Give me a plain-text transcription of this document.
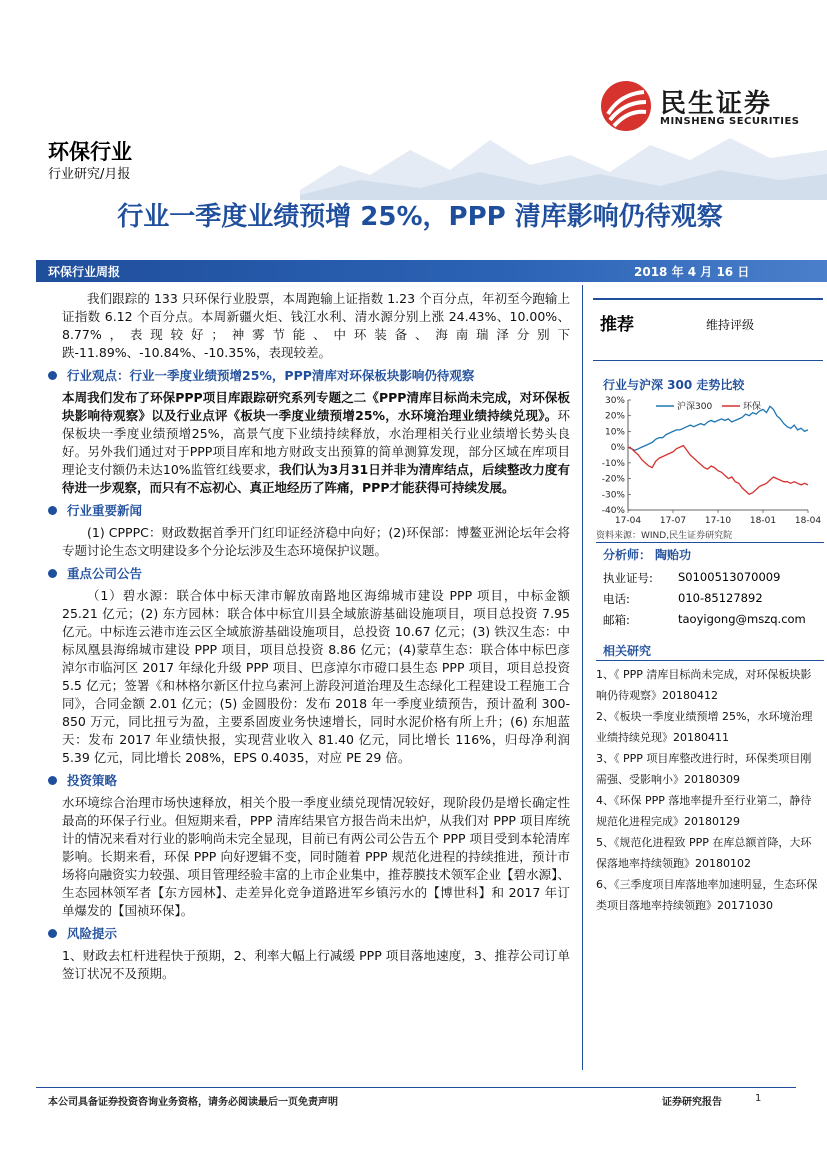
民生证券
MINSHENG SECURITIES
环保行业
行业研究/月报
行业一季度业绩预增 25%，PPP 清库影响仍待观察
环保行业周报	2018 年 4 月 16 日

我们跟踪的 133 只环保行业股票，本周跑输上证指数 1.23 个百分点，年初至今跑输上证指数 6.12 个百分点。本周新疆火炬、钱江水利、清水源分别上涨 24.43%、10.00%、8.77%，表现较好；神雾节能、中环装备、海南瑞泽分别下跌-11.89%、-10.84%、-10.35%，表现较差。

行业观点：行业一季度业绩预增25%，PPP清库对环保板块影响仍待观察

本周我们发布了环保PPP项目库跟踪研究系列专题之二《PPP清库目标尚未完成，对环保板块影响待观察》以及行业点评《板块一季度业绩预增25%，水环境治理业绩持续兑现》。环保板块一季度业绩预增25%，高景气度下业绩持续释放，水治理相关行业业绩增长势头良好。另外我们通过对于PPP项目库和地方财政支出预算的简单测算发现，部分区域在库项目理论支付额仍未达10%监管红线要求，我们认为3月31日并非为清库结点，后续整改力度有待进一步观察，而只有不忘初心、真正地经历了阵痛，PPP才能获得可持续发展。

行业重要新闻

(1) CPPPC：财政数据首季开门红印证经济稳中向好；(2)环保部：博鳌亚洲论坛年会将专题讨论生态文明建设多个分论坛涉及生态环境保护议题。

重点公司公告

（1）碧水源：联合体中标天津市解放南路地区海绵城市建设 PPP 项目，中标金额 25.21 亿元；(2) 东方园林：联合体中标宜川县全域旅游基础设施项目，项目总投资 7.95 亿元。中标连云港市连云区全域旅游基础设施项目，总投资 10.67 亿元；(3) 铁汉生态：中标凤凰县海绵城市建设 PPP 项目，项目总投资 8.86 亿元；(4)蒙草生态：联合体中标巴彦淖尔市临河区 2017 年绿化升级 PPP 项目、巴彦淖尔市磴口县生态 PPP 项目，项目总投资 5.5 亿元；签署《和林格尔新区什拉乌素河上游段河道治理及生态绿化工程建设工程施工合同》，合同金额 2.01 亿元；(5) 金圆股份：发布 2018 年一季度业绩预告，预计盈利 300-850 万元，同比扭亏为盈，主要系固废业务快速增长，同时水泥价格有所上升；(6) 东旭蓝天：发布 2017 年业绩快报，实现营业收入 81.40 亿元，同比增长 116%，归母净利润 5.39 亿元，同比增长 208%，EPS 0.4035，对应 PE 29 倍。

投资策略

水环境综合治理市场快速释放，相关个股一季度业绩兑现情况较好，现阶段仍是增长确定性最高的环保子行业。但短期来看，PPP 清库结果官方报告尚未出炉，从我们对 PPP 项目库统计的情况来看对行业的影响尚未完全显现，目前已有两公司公告五个 PPP 项目受到本轮清库影响。长期来看，环保 PPP 向好逻辑不变，同时随着 PPP 规范化进程的持续推进，预计市场将向融资实力较强、项目管理经验丰富的上市企业集中，推荐膜技术领军企业【碧水源】、生态园林领军者【东方园林】、走差异化竞争道路进军乡镇污水的【博世科】和 2017 年订单爆发的【国祯环保】。

风险提示

1、财政去杠杆进程快于预期，2、利率大幅上行减缓 PPP 项目落地速度，3、推荐公司订单签订状况不及预期。

推荐	维持评级
行业与沪深 300 走势比较
30%
20%
10%
0%
-10%
-20%
-30%
-40%
17-04 17-07 17-10 18-01 18-04
沪深300	环保
资料来源：WIND,民生证券研究院
分析师： 陶贻功
执业证号: S0100513070009
电话:	010-85127892
邮箱:	taoyigong@mszq.com
相关研究
1、《 PPP 清库目标尚未完成，对环保板块影响仍待观察》20180412
2、《板块一季度业绩预增 25%，水环境治理业绩持续兑现》20180411
3、《 PPP 项目库整改进行时，环保类项目刚需强、受影响小》20180309
4、《环保 PPP 落地率提升至行业第二，静待规范化进程完成》20180129
5、《规范化进程致 PPP 在库总额首降，大环保落地率持续领跑》20180102
6、《三季度项目库落地率加速明显，生态环保类项目落地率持续领跑》20171030
本公司具备证券投资咨询业务资格，请务必阅读最后一页免责声明	证券研究报告	1
